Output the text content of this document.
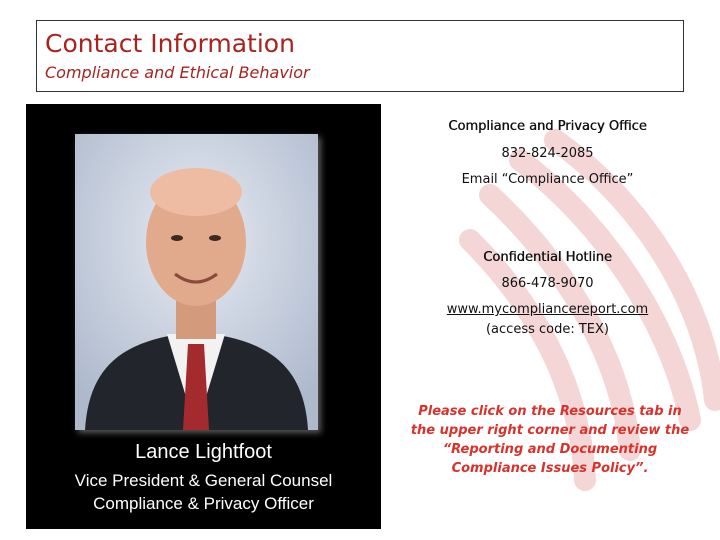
Contact Information
Compliance and Ethical Behavior
Lance Lightfoot
Vice President & General Counsel
Compliance & Privacy Officer
Compliance and Privacy Office
832-824-2085
Email “Compliance Office”
Confidential Hotline
866-478-9070
www.mycompliancereport.com
(access code: TEX)
Please click on the Resources tab in the upper right corner and review the “Reporting and Documenting Compliance Issues Policy”.
